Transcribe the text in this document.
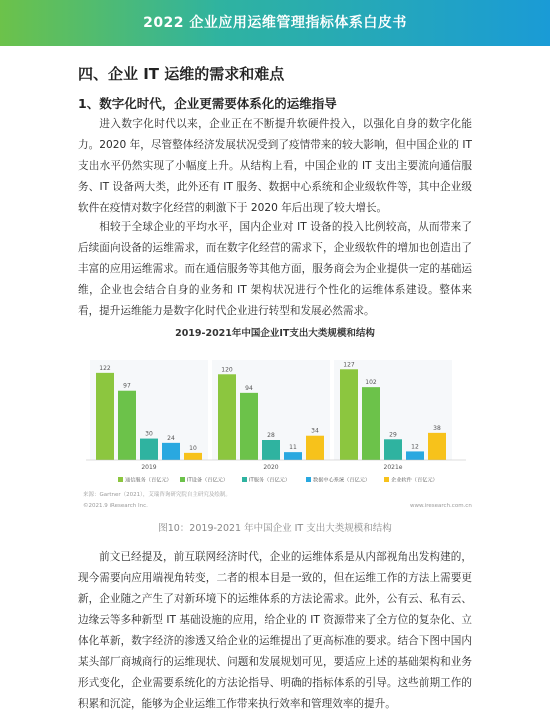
2022 企业应用运维管理指标体系白皮书
四、企业 IT 运维的需求和难点
1、数字化时代，企业更需要体系化的运维指导
进入数字化时代以来，企业正在不断提升软硬件投入，以强化自身的数字化能力。2020 年，尽管整体经济发展状况受到了疫情带来的较大影响，但中国企业的 IT 支出水平仍然实现了小幅度上升。从结构上看，中国企业的 IT 支出主要流向通信服务、IT 设备两大类，此外还有 IT 服务、数据中心系统和企业级软件等，其中企业级软件在疫情对数字化经营的刺激下于 2020 年后出现了较大增长。
相较于全球企业的平均水平，国内企业对 IT 设备的投入比例较高，从而带来了后续面向设备的运维需求，而在数字化经营的需求下，企业级软件的增加也创造出了丰富的应用运维需求。而在通信服务等其他方面，服务商会为企业提供一定的基础运维，企业也会结合自身的业务和 IT 架构状况进行个性化的运维体系建设。整体来看，提升运维能力是数字化时代企业进行转型和发展必然需求。
2019-2021年中国企业IT支出大类规模和结构
122	120
127
97	94
102
30	28	29
24
11	12
10
34	38
2019	2020	2021e
通信服务（百亿元）	IT设备（百亿元）	IT服务（百亿元）	数据中心系统（百亿元）	企业软件（百亿元）
来源：Gartner（2021），艾瑞咨询研究院自主研究及绘制。
©2021.9 iResearch Inc.	www.iresearch.com.cn
图10：2019-2021 年中国企业 IT 支出大类规模和结构
前文已经提及，前互联网经济时代，企业的运维体系是从内部视角出发构建的，现今需要向应用端视角转变，二者的根本目是一致的，但在运维工作的方法上需要更新，企业随之产生了对新环境下的运维体系的方法论需求。此外，公有云、私有云、边缘云等多种新型 IT 基础设施的应用，给企业的 IT 资源带来了全方位的复杂化、立体化革新，数字经济的渗透又给企业的运维提出了更高标准的要求。结合下图中国内某头部厂商城商行的运维现状、问题和发展规划可见，要适应上述的基础架构和业务形式变化，企业需要系统化的方法论指导、明确的指标体系的引导。这些前期工作的积累和沉淀，能够为企业运维工作带来执行效率和管理效率的提升。
